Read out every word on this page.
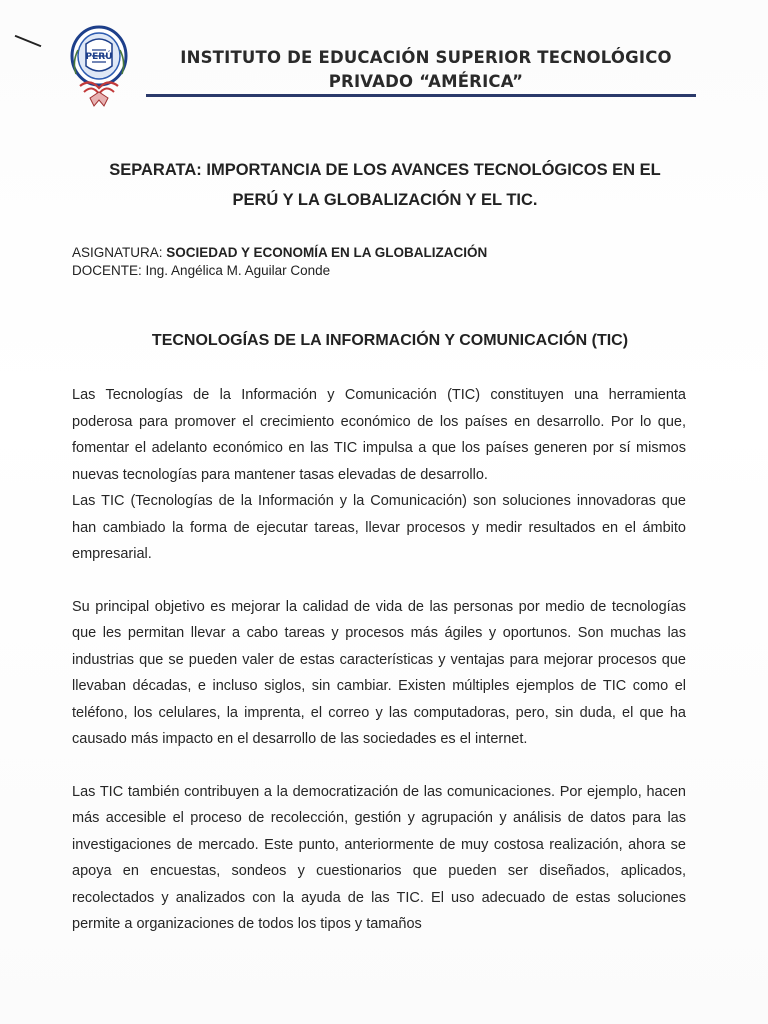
PERÚ	INSTITUTO DE EDUCACIÓN SUPERIOR TECNOLÓGICO
PRIVADO “AMÉRICA”
SEPARATA: IMPORTANCIA DE LOS AVANCES TECNOLÓGICOS EN EL
PERÚ Y LA GLOBALIZACIÓN Y EL TIC.
ASIGNATURA: SOCIEDAD Y ECONOMÍA EN LA GLOBALIZACIÓN
DOCENTE: Ing. Angélica M. Aguilar Conde
TECNOLOGÍAS DE LA INFORMACIÓN Y COMUNICACIÓN (TIC)

Las Tecnologías de la Información y Comunicación (TIC) constituyen una herramienta poderosa para promover el crecimiento económico de los países en desarrollo. Por lo que, fomentar el adelanto económico en las TIC impulsa a que los países generen por sí mismos nuevas tecnologías para mantener tasas elevadas de desarrollo.

Las TIC (Tecnologías de la Información y la Comunicación) son soluciones innovadoras que han cambiado la forma de ejecutar tareas, llevar procesos y medir resultados en el ámbito empresarial.

Su principal objetivo es mejorar la calidad de vida de las personas por medio de tecnologías que les permitan llevar a cabo tareas y procesos más ágiles y oportunos. Son muchas las industrias que se pueden valer de estas características y ventajas para mejorar procesos que llevaban décadas, e incluso siglos, sin cambiar. Existen múltiples ejemplos de TIC como el teléfono, los celulares, la imprenta, el correo y las computadoras, pero, sin duda, el que ha causado más impacto en el desarrollo de las sociedades es el internet.

Las TIC también contribuyen a la democratización de las comunicaciones. Por ejemplo, hacen más accesible el proceso de recolección, gestión y agrupación y análisis de datos para las investigaciones de mercado. Este punto, anteriormente de muy costosa realización, ahora se apoya en encuestas, sondeos y cuestionarios que pueden ser diseñados, aplicados, recolectados y analizados con la ayuda de las TIC. El uso adecuado de estas soluciones permite a organizaciones de todos los tipos y tamaños
